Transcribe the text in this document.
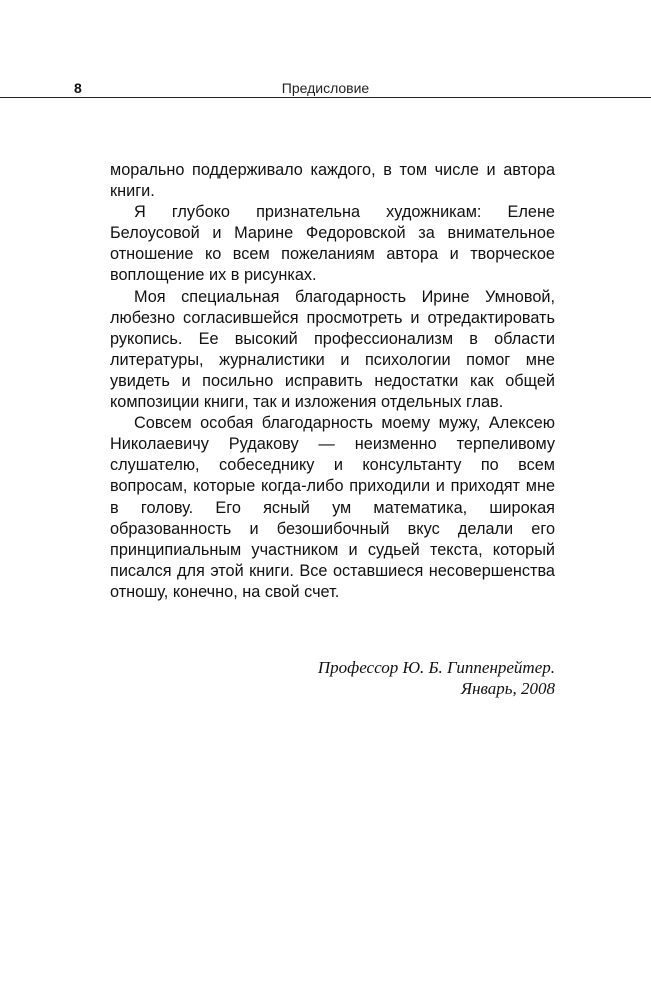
8	Предисловие

морально поддерживало каждого, в том числе и автора книги.

Я глубоко признательна художникам: Елене Белоусовой и Марине Федоровской за внимательное отношение ко всем пожеланиям автора и творческое воплощение их в рисунках.

Моя специальная благодарность Ирине Умновой, любезно согласившейся просмотреть и отредактировать рукопись. Ее высокий профессионализм в области литературы, журналистики и психологии помог мне увидеть и посильно исправить недостатки как общей композиции книги, так и изложения отдельных глав.

Совсем особая благодарность моему мужу, Алексею Николаевичу Рудакову — неизменно терпеливому слушателю, собеседнику и консультанту по всем вопросам, которые когда-либо приходили и приходят мне в голову. Его ясный ум математика, широкая образованность и безошибочный вкус делали его принципиальным участником и судьей текста, который писался для этой книги. Все оставшиеся несовершенства отношу, конечно, на свой счет.

Профессор Ю. Б. Гиппенрейтер.
Январь, 2008
